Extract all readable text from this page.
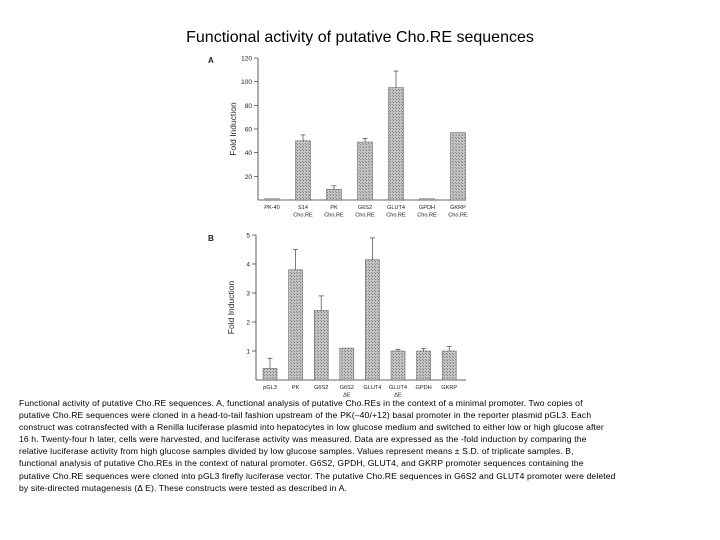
Functional activity of putative Cho.RE sequences
A
20
40
60
80
100
120
Fold Induction
PK-40	S14
Cho.RE
PK
Cho.RE
G6S2
Cho.RE
GLUT4
Cho.RE
GPDH
Cho.RE
GKRP
Cho.RE
B
1
2
3
4
5
Fold Induction
pGL3	PK	G6S2 G6S2
ΔE
GLUT4 GLUT4
ΔE
GPDH GKRP

Functional activity of putative Cho.RE sequences. A, functional analysis of putative Cho.REs in the context of a minimal promoter. Two copies of

putative Cho.RE sequences were cloned in a head-to-tail fashion upstream of the PK(–40/+12) basal promoter in the reporter plasmid pGL3. Each

construct was cotransfected with a Renilla luciferase plasmid into hepatocytes in low glucose medium and switched to either low or high glucose after

16 h. Twenty-four h later, cells were harvested, and luciferase activity was measured. Data are expressed as the -fold induction by comparing the

relative luciferase activity from high glucose samples divided by low glucose samples. Values represent means ± S.D. of triplicate samples. B,

functional analysis of putative Cho.REs in the context of natural promoter. G6S2, GPDH, GLUT4, and GKRP promoter sequences containing the

putative Cho.RE sequences were cloned into pGL3 firefly luciferase vector. The putative Cho.RE sequences in G6S2 and GLUT4 promoter were deleted

by site-directed mutagenesis (Δ E). These constructs were tested as described in A.
